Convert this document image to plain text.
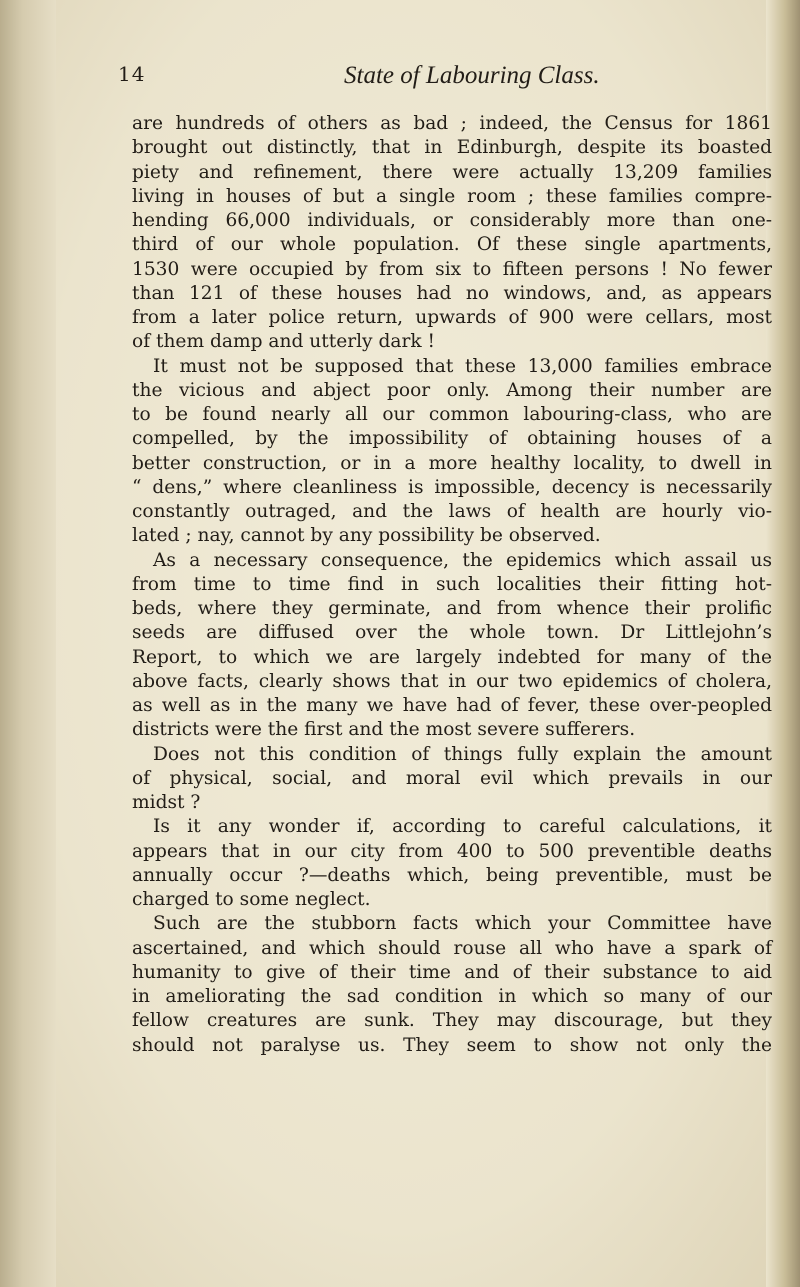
14	State of Labouring Class.
are hundreds of others as bad ; indeed, the Census for 1861
brought out distinctly, that in Edinburgh, despite its boasted
piety and refinement, there were actually 13,209 families
living in houses of but a single room ; these families compre-
hending 66,000 individuals, or considerably more than one-
third of our whole population. Of these single apartments,
1530 were occupied by from six to fifteen persons ! No fewer
than 121 of these houses had no windows, and, as appears
from a later police return, upwards of 900 were cellars, most
of them damp and utterly dark !
It must not be supposed that these 13,000 families embrace
the vicious and abject poor only. Among their number are
to be found nearly all our common labouring-class, who are
compelled, by the impossibility of obtaining houses of a
better construction, or in a more healthy locality, to dwell in
“ dens,” where cleanliness is impossible, decency is necessarily
constantly outraged, and the laws of health are hourly vio-
lated ; nay, cannot by any possibility be observed.
As a necessary consequence, the epidemics which assail us
from time to time find in such localities their fitting hot-
beds, where they germinate, and from whence their prolific
seeds are diffused over the whole town. Dr Littlejohn’s
Report, to which we are largely indebted for many of the
above facts, clearly shows that in our two epidemics of cholera,
as well as in the many we have had of fever, these over-peopled
districts were the first and the most severe sufferers.
Does not this condition of things fully explain the amount
of physical, social, and moral evil which prevails in our
midst ?
Is it any wonder if, according to careful calculations, it
appears that in our city from 400 to 500 preventible deaths
annually occur ?—deaths which, being preventible, must be
charged to some neglect.
Such are the stubborn facts which your Committee have
ascertained, and which should rouse all who have a spark of
humanity to give of their time and of their substance to aid
in ameliorating the sad condition in which so many of our
fellow creatures are sunk. They may discourage, but they
should not paralyse us. They seem to show not only the
